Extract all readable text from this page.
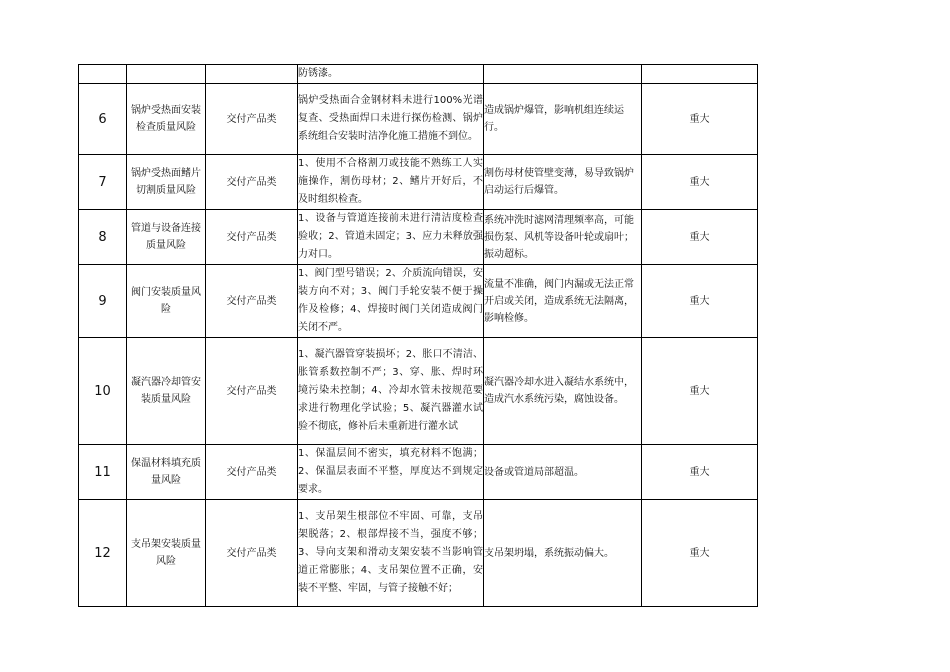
			防锈漆。		

6	锅炉受热面安装检查质量风险	交付产品类	锅炉受热面合金钢材料未进行100%光谱复查、受热面焊口未进行探伤检测、锅炉系统组合安装时洁净化施工措施不到位。	造成锅炉爆管，影响机组连续运行。	重大
7	锅炉受热面鳍片切割质量风险	交付产品类	1、使用不合格割刀或技能不熟练工人实施操作，割伤母材；2、鳍片开好后，不及时组织检查。	割伤母材使管壁变薄，易导致锅炉启动运行后爆管。	重大
8	管道与设备连接质量风险	交付产品类	1、设备与管道连接前未进行清洁度检查验收；2、管道未固定；3、应力未释放强力对口。	系统冲洗时滤网清理频率高，可能损伤泵、风机等设备叶轮或扇叶；振动超标。	重大
9	阀门安装质量风险	交付产品类	1、阀门型号错误；2、介质流向错误，安装方向不对；3、阀门手轮安装不便于操作及检修；4、焊接时阀门关闭造成阀门关闭不严。	流量不准确，阀门内漏或无法正常开启或关闭，造成系统无法隔离，影响检修。	重大
10	凝汽器冷却管安装质量风险	交付产品类	1、凝汽器管穿装损坏；2、胀口不清洁、胀管系数控制不严；3、穿、胀、焊时环境污染未控制；4、冷却水管未按规范要求进行物理化学试验；5、凝汽器灌水试验不彻底，修补后未重新进行灌水试	凝汽器冷却水进入凝结水系统中，造成汽水系统污染，腐蚀设备。	重大
11	保温材料填充质量风险	交付产品类	1、保温层间不密实，填充材料不饱满；2、保温层表面不平整，厚度达不到规定要求。	设备或管道局部超温。	重大
12	支吊架安装质量风险	交付产品类	1、支吊架生根部位不牢固、可靠，支吊架脱落；2、根部焊接不当，强度不够；3、导向支架和滑动支架安装不当影响管道正常膨胀；4、支吊架位置不正确，安装不平整、牢固，与管子接触不好；	支吊架坍塌，系统振动偏大。	重大
